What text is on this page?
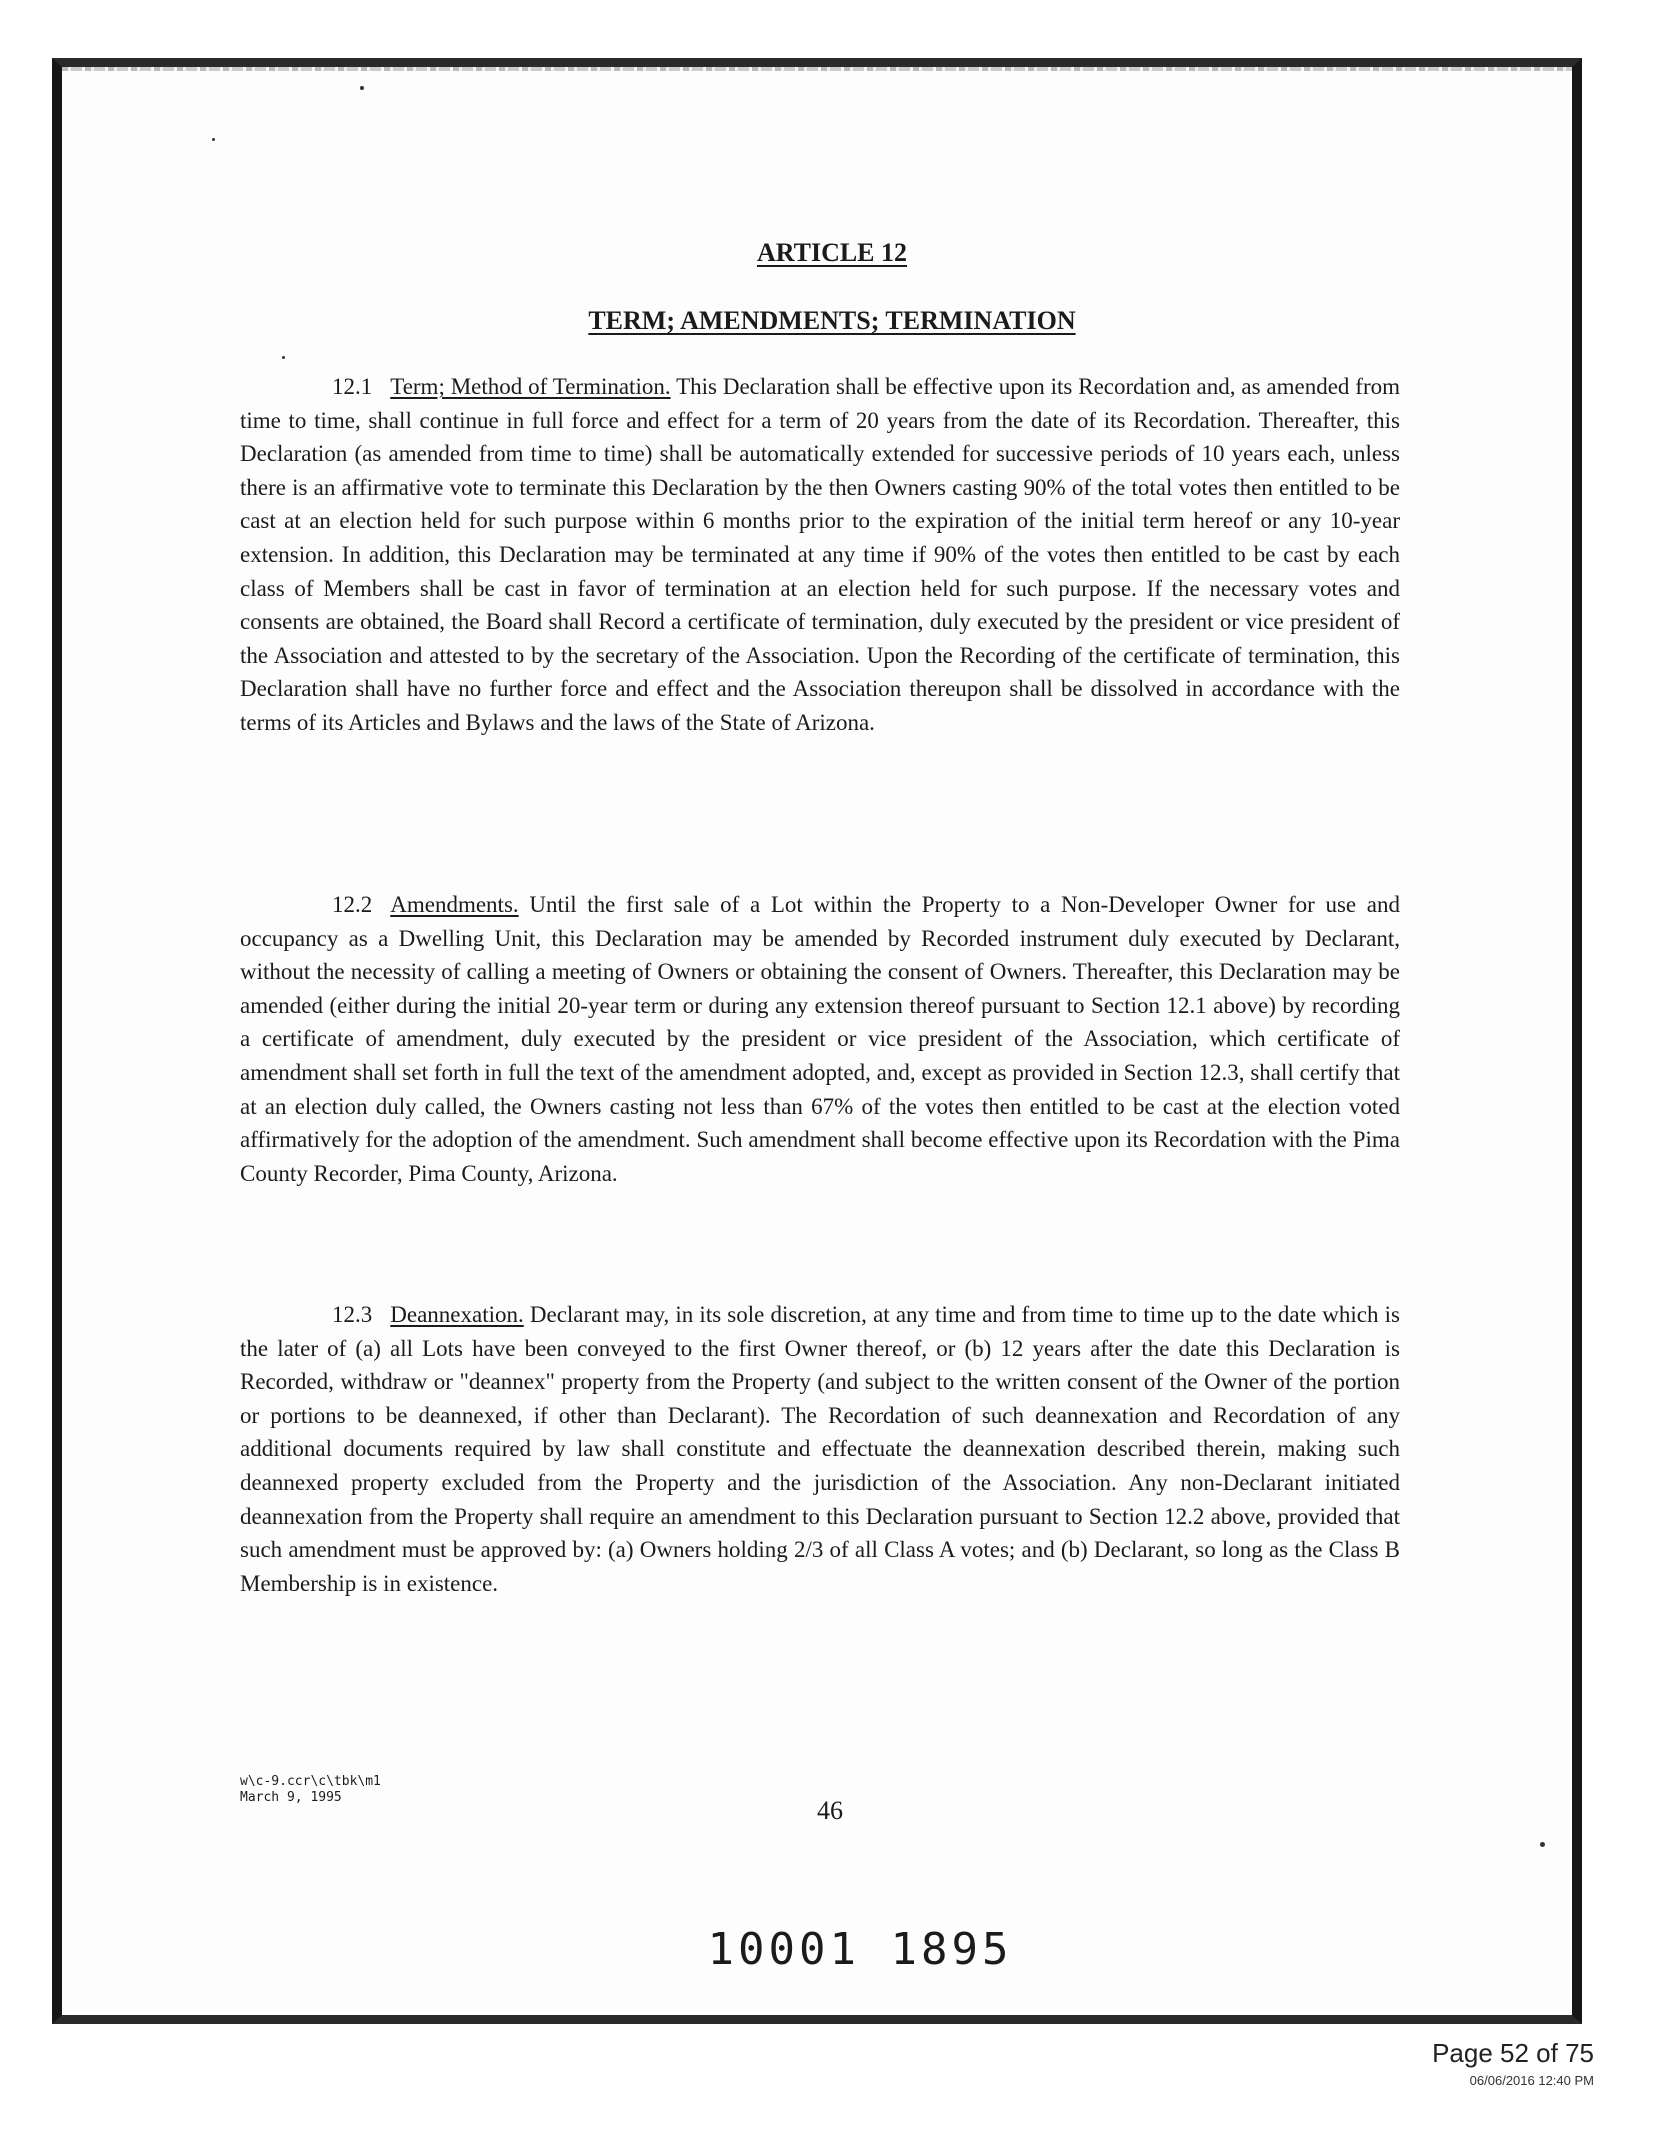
ARTICLE 12
TERM; AMENDMENTS; TERMINATION

12.1 Term; Method of Termination. This Declaration shall be effective upon its Recordation and, as amended from time to time, shall continue in full force and effect for a term of 20 years from the date of its Recordation. Thereafter, this Declaration (as amended from time to time) shall be automatically extended for successive periods of 10 years each, unless there is an affirmative vote to terminate this Declaration by the then Owners casting 90% of the total votes then entitled to be cast at an election held for such purpose within 6 months prior to the expiration of the initial term hereof or any 10-year extension. In addition, this Declaration may be terminated at any time if 90% of the votes then entitled to be cast by each class of Members shall be cast in favor of termination at an election held for such purpose. If the necessary votes and consents are obtained, the Board shall Record a certificate of termination, duly executed by the president or vice president of the Association and attested to by the secretary of the Association. Upon the Recording of the certificate of termination, this Declaration shall have no further force and effect and the Association thereupon shall be dissolved in accordance with the terms of its Articles and Bylaws and the laws of the State of Arizona.

12.2 Amendments. Until the first sale of a Lot within the Property to a Non-Developer Owner for use and occupancy as a Dwelling Unit, this Declaration may be amended by Recorded instrument duly executed by Declarant, without the necessity of calling a meeting of Owners or obtaining the consent of Owners. Thereafter, this Declaration may be amended (either during the initial 20-year term or during any extension thereof pursuant to Section 12.1 above) by recording a certificate of amendment, duly executed by the president or vice president of the Association, which certificate of amendment shall set forth in full the text of the amendment adopted, and, except as provided in Section 12.3, shall certify that at an election duly called, the Owners casting not less than 67% of the votes then entitled to be cast at the election voted affirmatively for the adoption of the amendment. Such amendment shall become effective upon its Recordation with the Pima County Recorder, Pima County, Arizona.

12.3 Deannexation. Declarant may, in its sole discretion, at any time and from time to time up to the date which is the later of (a) all Lots have been conveyed to the first Owner thereof, or (b) 12 years after the date this Declaration is Recorded, withdraw or "deannex" property from the Property (and subject to the written consent of the Owner of the portion or portions to be deannexed, if other than Declarant). The Recordation of such deannexation and Recordation of any additional documents required by law shall constitute and effectuate the deannexation described therein, making such deannexed property excluded from the Property and the jurisdiction of the Association. Any non-Declarant initiated deannexation from the Property shall require an amendment to this Declaration pursuant to Section 12.2 above, provided that such amendment must be approved by: (a) Owners holding 2/3 of all Class A votes; and (b) Declarant, so long as the Class B Membership is in existence.

w\c-9.ccr\c\tbk\m1
March 9, 1995	46
10001 1895
Page 52 of 75
06/06/2016 12:40 PM
